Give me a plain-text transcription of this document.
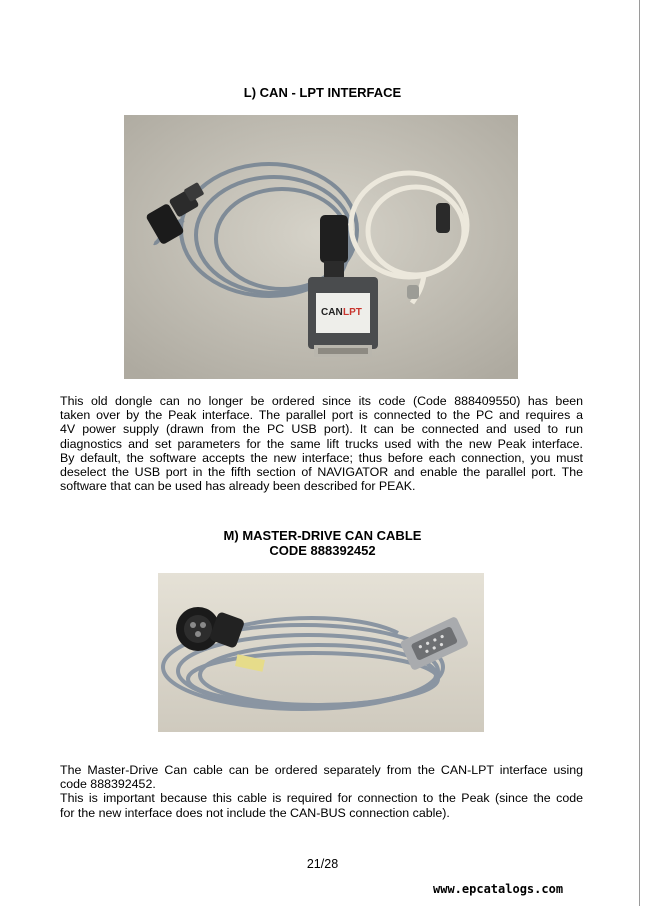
L) CAN - LPT INTERFACE
CAN LPT
This old dongle can no longer be ordered since its code (Code 888409550) has been
taken over by the Peak interface. The parallel port is connected to the PC and requires a
4V power supply (drawn from the PC USB port). It can be connected and used to run
diagnostics and set parameters for the same lift trucks used with the new Peak interface.
By default, the software accepts the new interface; thus before each connection, you must
deselect the USB port in the fifth section of NAVIGATOR and enable the parallel port. The
software that can be used has already been described for PEAK.
M) MASTER-DRIVE CAN CABLE
CODE 888392452
The Master-Drive Can cable can be ordered separately from the CAN-LPT interface using
code 888392452.
This is important because this cable is required for connection to the Peak (since the code
for the new interface does not include the CAN-BUS connection cable).
21/28
www.epcatalogs.com
